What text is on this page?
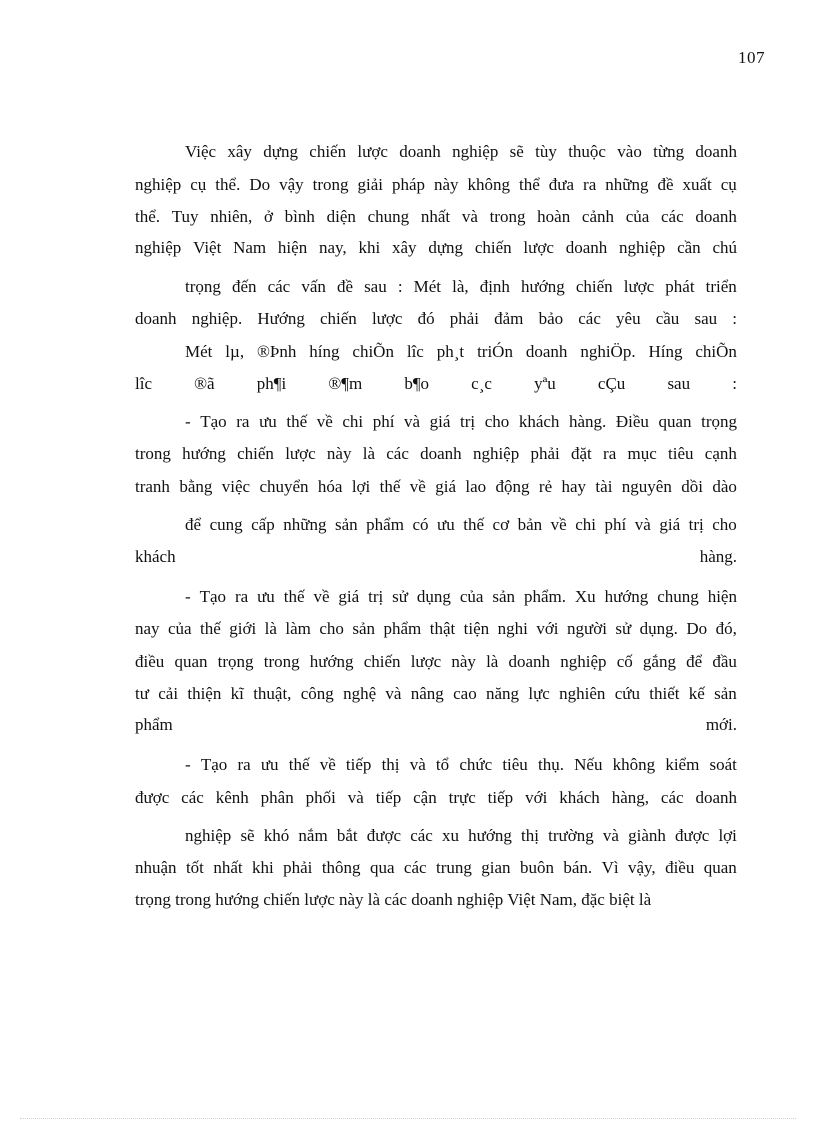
107
Việc xây dựng chiến lược doanh nghiệp sẽ tùy thuộc vào từng doanh
nghiệp cụ thể. Do vậy trong giải pháp này không thể đưa ra những đề xuất cụ
thể. Tuy nhiên, ở bình diện chung nhất và trong hoàn cảnh của các doanh
nghiệp Việt Nam hiện nay, khi xây dựng chiến lược doanh nghiệp cần chú
trọng đến các vấn đề sau : Mét là, định hướng chiến lược phát triển
doanh nghiệp. Hướng chiến lược đó phải đảm bảo các yêu cầu sau :
Mét lµ, ®Þnh híng chiÕn lîc ph¸t triÓn doanh nghiÖp. Híng chiÕn
lîc ®ã ph¶i ®¶m b¶o c¸c yªu cÇu sau :
- Tạo ra ưu thế về chi phí và giá trị cho khách hàng. Điều quan trọng
trong hướng chiến lược này là các doanh nghiệp phải đặt ra mục tiêu cạnh
tranh bằng việc chuyển hóa lợi thế về giá lao động rẻ hay tài nguyên dồi dào
để cung cấp những sản phẩm có ưu thế cơ bản về chi phí và giá trị cho
khách	hàng.
- Tạo ra ưu thế về giá trị sử dụng của sản phẩm. Xu hướng chung hiện
nay của thế giới là làm cho sản phẩm thật tiện nghi với người sử dụng. Do đó,
điều quan trọng trong hướng chiến lược này là doanh nghiệp cố gắng để đầu
tư cải thiện kĩ thuật, công nghệ và nâng cao năng lực nghiên cứu thiết kế sản
phẩm	mới.
- Tạo ra ưu thế về tiếp thị và tổ chức tiêu thụ. Nếu không kiểm soát
được các kênh phân phối và tiếp cận trực tiếp với khách hàng, các doanh
nghiệp sẽ khó nắm bắt được các xu hướng thị trường và giành được lợi
nhuận tốt nhất khi phải thông qua các trung gian buôn bán. Vì vậy, điều quan
trọng trong hướng chiến lược này là các doanh nghiệp Việt Nam, đặc biệt là
